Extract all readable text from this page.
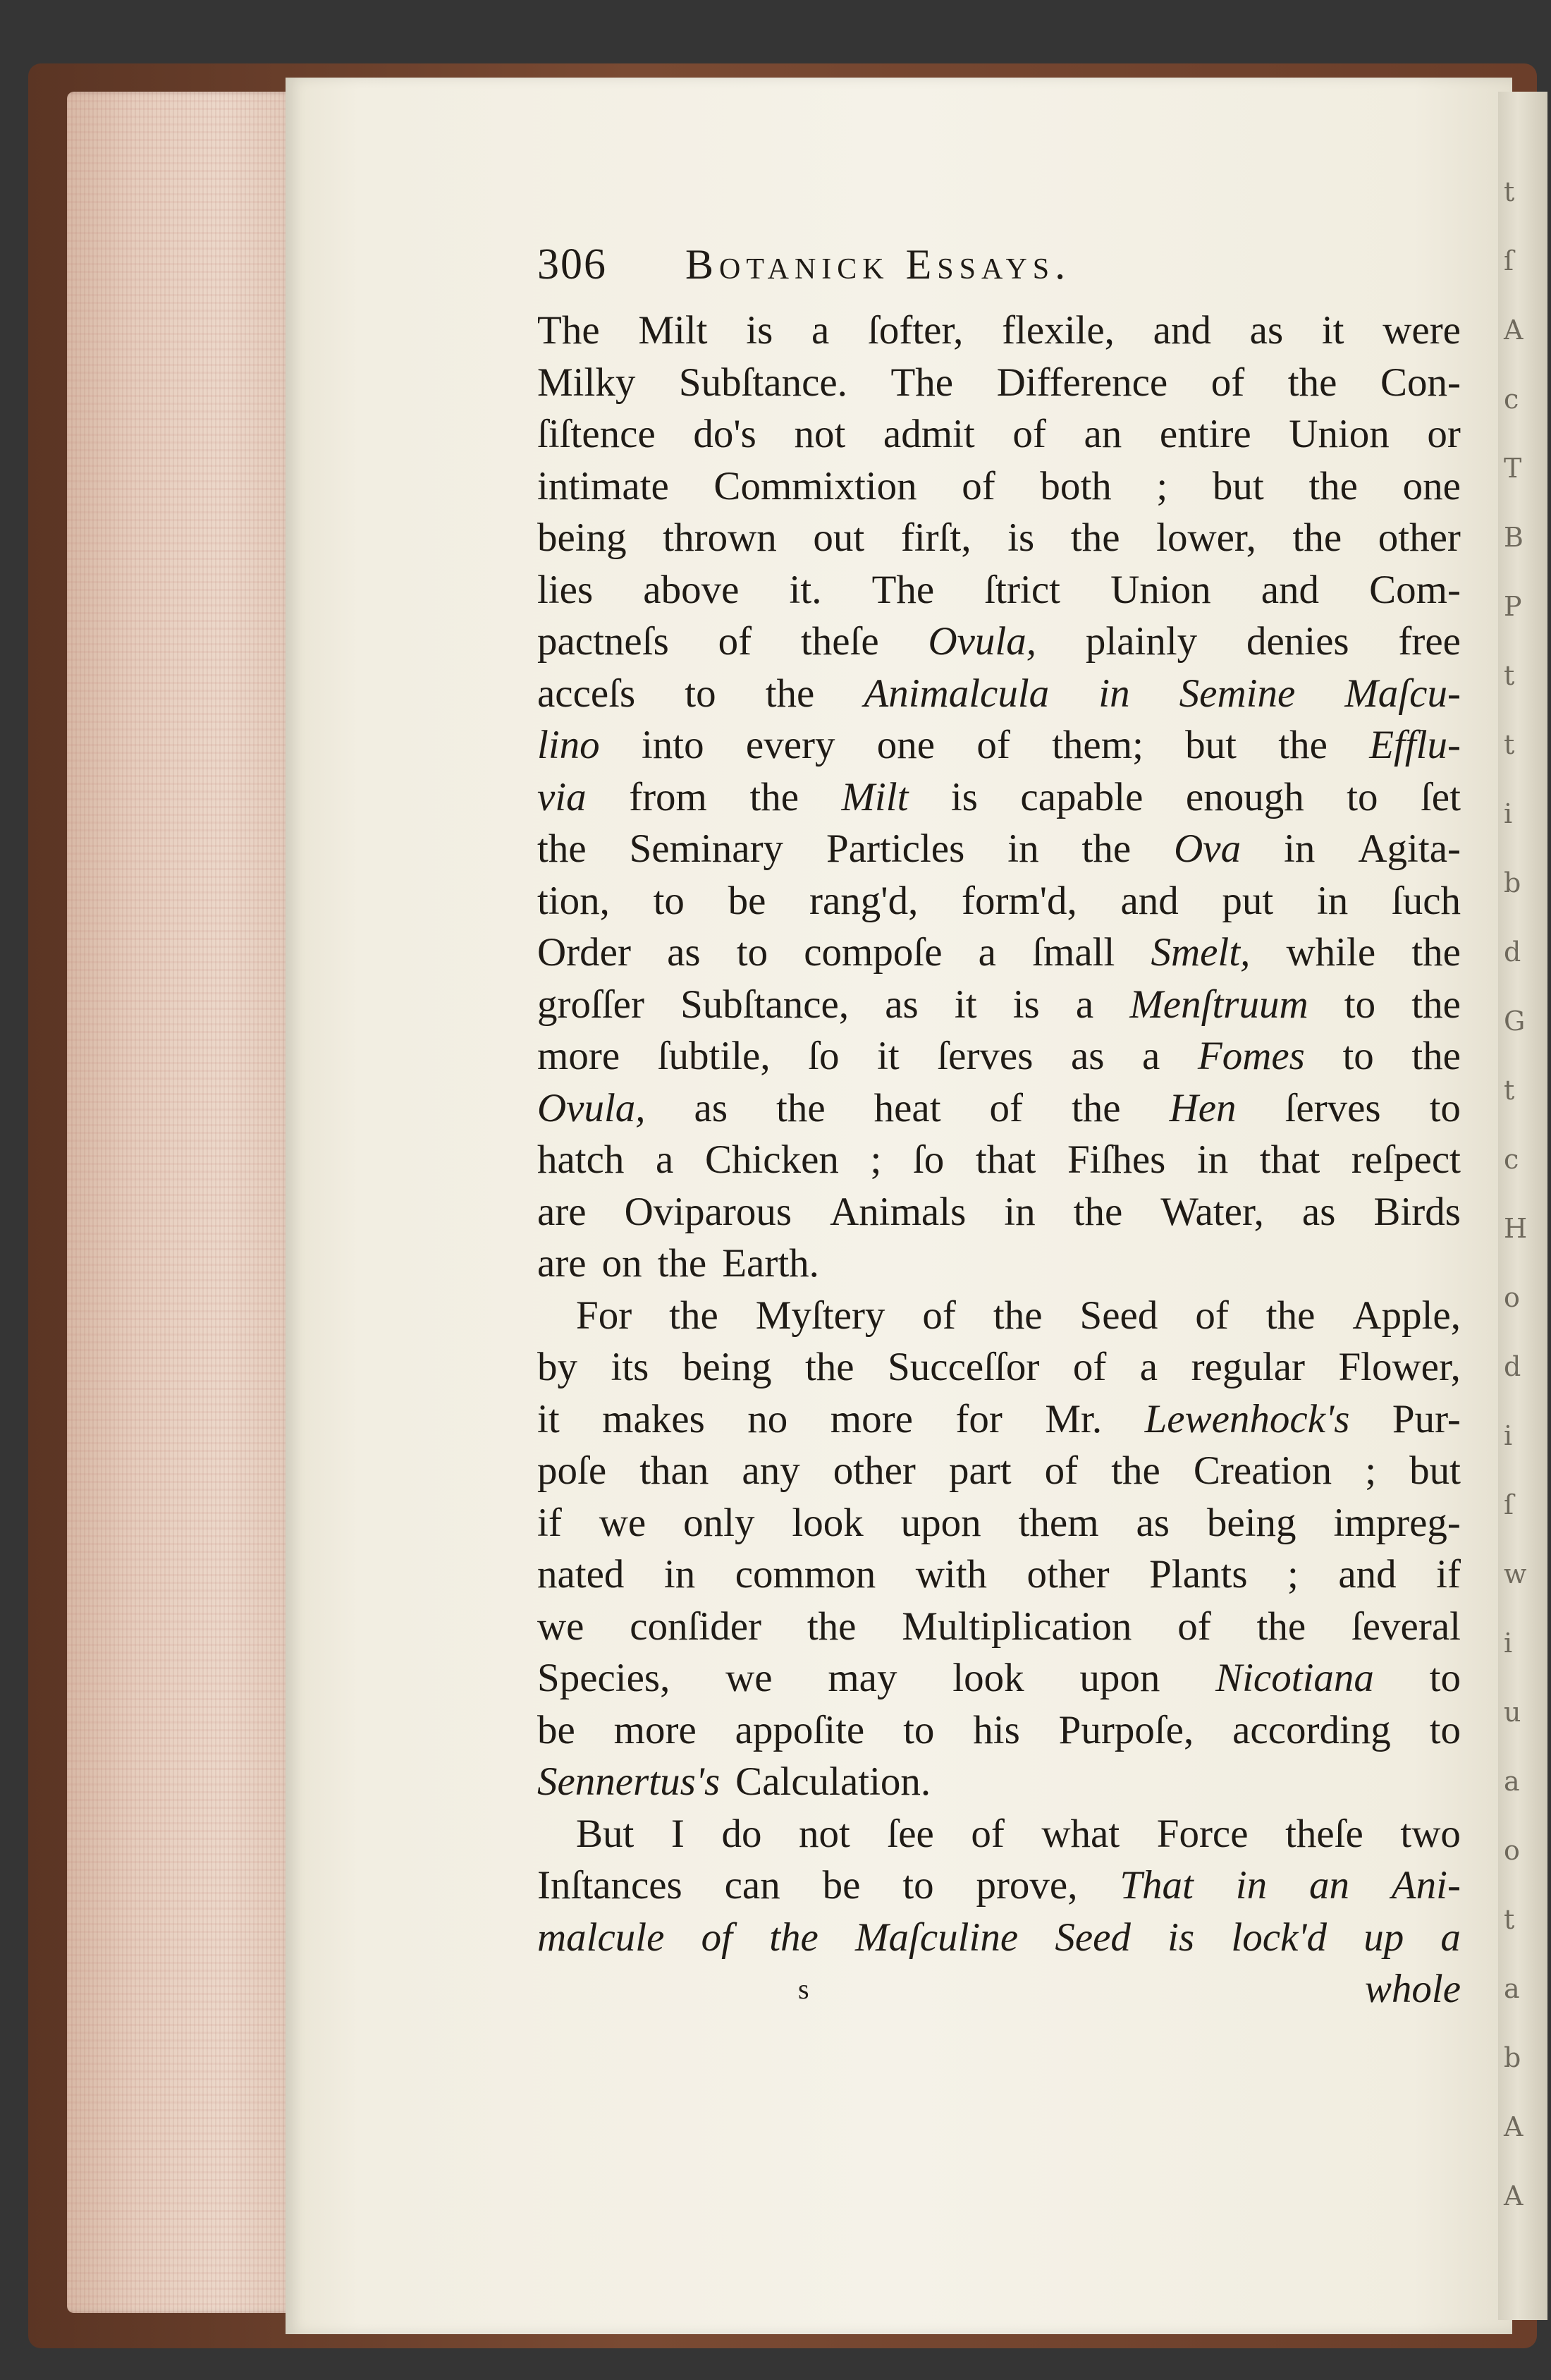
t
ſ
A
c
T
B
P
t
t
i
b
d
G
t
c
H
o
d
i
ſ
w
i
u
a
o
t
a
b
A
A
306	Botanick Essays.
The Milt is a ſofter, flexile, and as it were
Milky Subſtance. The Difference of the Con-
ſiſtence do's not admit of an entire Union or
intimate Commixtion of both ; but the one
being thrown out firſt, is the lower, the other
lies above it. The ſtrict Union and Com-
pactneſs of theſe Ovula, plainly denies free
acceſs to the Animalcula in Semine Maſcu-
lino into every one of them; but the Efflu-
via from the Milt is capable enough to ſet
the Seminary Particles in the Ova in Agita-
tion, to be rang'd, form'd, and put in ſuch
Order as to compoſe a ſmall Smelt, while the
groſſer Subſtance, as it is a Menſtruum to the
more ſubtile, ſo it ſerves as a Fomes to the
Ovula, as the heat of the Hen ſerves to
hatch a Chicken ; ſo that Fiſhes in that reſpect
are Oviparous Animals in the Water, as Birds
are on the Earth.
For the Myſtery of the Seed of the Apple,
by its being the Succeſſor of a regular Flower,
it makes no more for Mr. Lewenhock's Pur-
poſe than any other part of the Creation ; but
if we only look upon them as being impreg-
nated in common with other Plants ; and if
we conſider the Multiplication of the ſeveral
Species, we may look upon Nicotiana to
be more appoſite to his Purpoſe, according to
Sennertus's Calculation.
But I do not ſee of what Force theſe two
Inſtances can be to prove, That in an Ani-
malcule of the Maſculine Seed is lock'd up a
s	whole
